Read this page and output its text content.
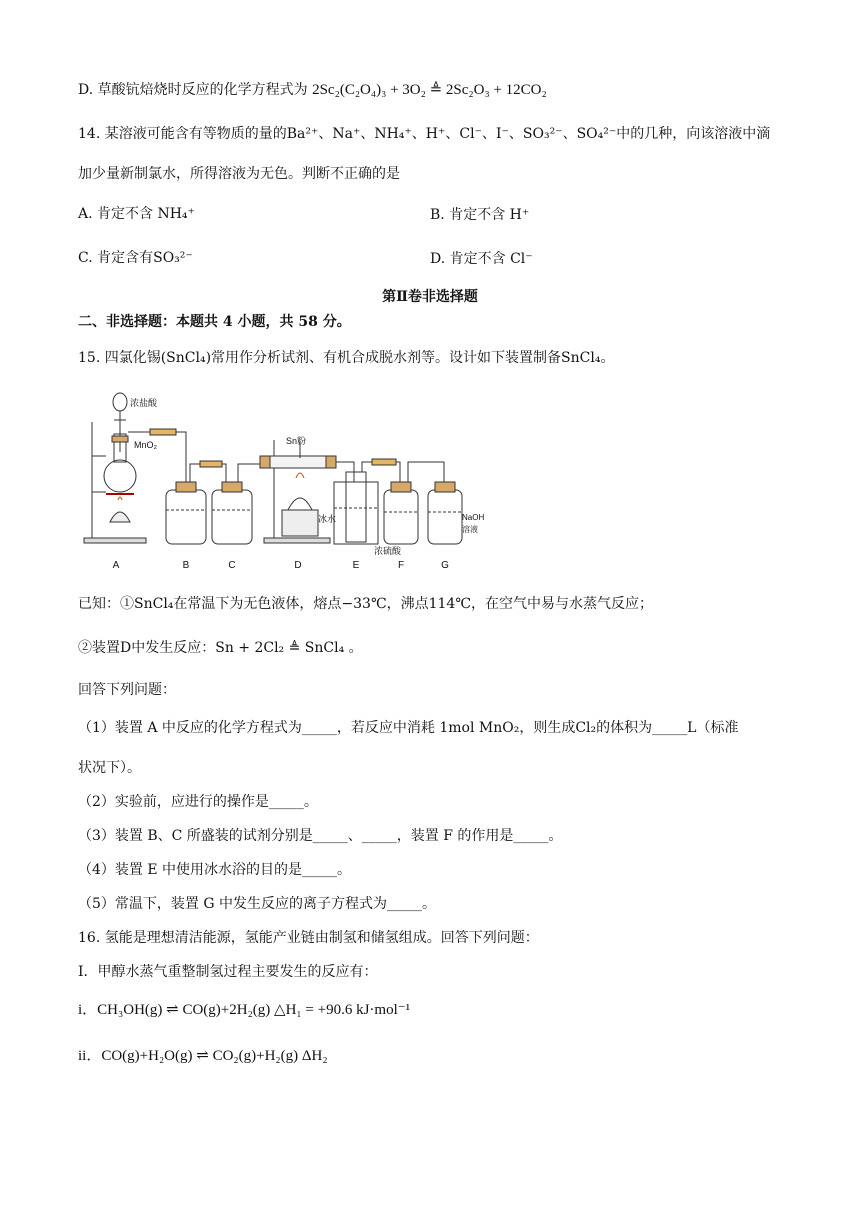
D. 草酸钪焙烧时反应的化学方程式为 2Sc₂(C₂O₄)₃ + 3O₂ ≜ 2Sc₂O₃ + 12CO₂
14. 某溶液可能含有等物质的量的Ba²⁺、Na⁺、NH₄⁺、H⁺、Cl⁻、I⁻、SO₃²⁻、SO₄²⁻中的几种，向该溶液中滴
加少量新制氯水，所得溶液为无色。判断不正确的是
A. 肯定不含 NH₄⁺	B. 肯定不含 H⁺
C. 肯定含有SO₃²⁻	D. 肯定不含 Cl⁻
第Ⅱ卷非选择题
二、非选择题：本题共 4 小题，共 58 分。
15. 四氯化锡(SnCl₄)常用作分析试剂、有机合成脱水剂等。设计如下装置制备SnCl₄。
浓盐酸
MnO₂	Sn粉
冰水
浓硫酸
NaOH
溶液
A	B	C	D	E	F	G
已知：①SnCl₄在常温下为无色液体，熔点−33℃，沸点114℃，在空气中易与水蒸气反应；
②装置D中发生反应：Sn + 2Cl₂ ≜ SnCl₄ 。
回答下列问题：
（1）装置 A 中反应的化学方程式为_____，若反应中消耗 1mol MnO₂，则生成Cl₂的体积为_____L（标准
状况下）。
（2）实验前，应进行的操作是_____。
（3）装置 B、C 所盛装的试剂分别是_____、_____，装置 F 的作用是_____。
（4）装置 E 中使用冰水浴的目的是_____。
（5）常温下，装置 G 中发生反应的离子方程式为_____。
16. 氢能是理想清洁能源，氢能产业链由制氢和储氢组成。回答下列问题：
Ⅰ．甲醇水蒸气重整制氢过程主要发生的反应有：
i．CH₃OH(g) ⇌ CO(g)+2H₂(g) △H₁ = +90.6 kJ·mol⁻¹
ii．CO(g)+H₂O(g) ⇌ CO₂(g)+H₂(g) ΔH₂
